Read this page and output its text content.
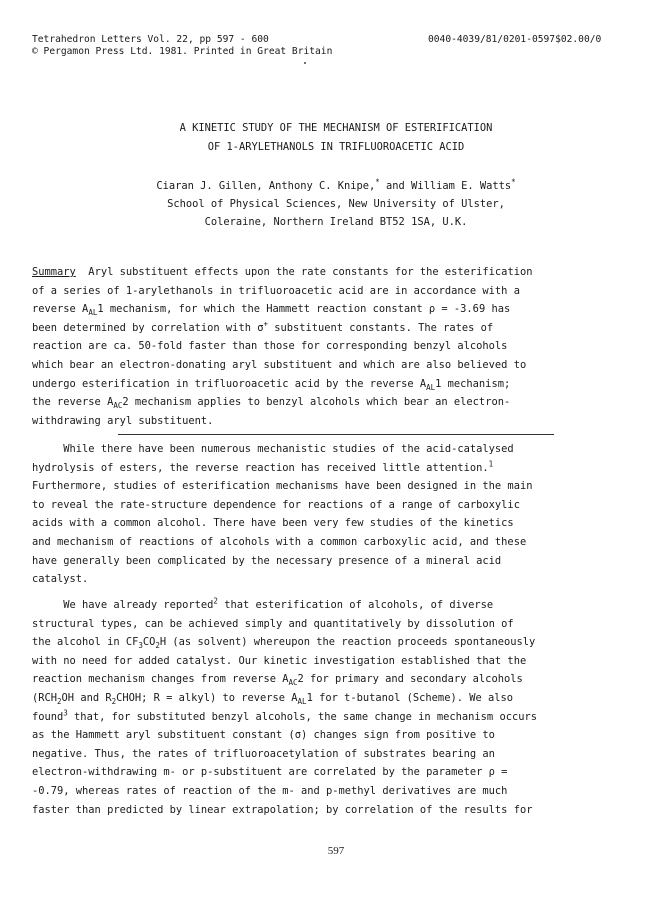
Tetrahedron Letters Vol. 22, pp 597 - 600
© Pergamon Press Ltd. 1981. Printed in Great Britain
0040-4039/81/0201-0597$02.00/0
A KINETIC STUDY OF THE MECHANISM OF ESTERIFICATION
OF 1-ARYLETHANOLS IN TRIFLUOROACETIC ACID
Ciaran J. Gillen, Anthony C. Knipe,* and William E. Watts*
School of Physical Sciences, New University of Ulster,
Coleraine, Northern Ireland BT52 1SA, U.K.
Summary  Aryl substituent effects upon the rate constants for the esterification
of a series of 1-arylethanols in trifluoroacetic acid are in accordance with a
reverse $A_{AL}1$ mechanism, for which the Hammett reaction constant ρ = -3.69 has
been determined by correlation with σ+ substituent constants. The rates of
reaction are ca. 50-fold faster than those for corresponding benzyl alcohols
which bear an electron-donating aryl substituent and which are also believed to
undergo esterification in trifluoroacetic acid by the reverse $A_{AL}1$ mechanism;
the reverse $A_{AC}2$ mechanism applies to benzyl alcohols which bear an electron-
withdrawing aryl substituent.
While there have been numerous mechanistic studies of the acid-catalysed
hydrolysis of esters, the reverse reaction has received little attention.$^1$
Furthermore, studies of esterification mechanisms have been designed in the main
to reveal the rate-structure dependence for reactions of a range of carboxylic
acids with a common alcohol. There have been very few studies of the kinetics
and mechanism of reactions of alcohols with a common carboxylic acid, and these
have generally been complicated by the necessary presence of a mineral acid
catalyst.
We have already reported$^2$ that esterification of alcohols, of diverse
structural types, can be achieved simply and quantitatively by dissolution of
the alcohol in $CF_3CO_2H$ (as solvent) whereupon the reaction proceeds spontaneously
with no need for added catalyst. Our kinetic investigation established that the
reaction mechanism changes from reverse $A_{AC}2$ for primary and secondary alcohols
($RCH_2OH$ and $R_2CHOH$; R = alkyl) to reverse $A_{AL}1$ for t-butanol (Scheme). We also
found$^3$ that, for substituted benzyl alcohols, the same change in mechanism occurs
as the Hammett aryl substituent constant (σ) changes sign from positive to
negative. Thus, the rates of trifluoroacetylation of substrates bearing an
electron-withdrawing m- or p-substituent are correlated by the parameter ρ =
-0.79, whereas rates of reaction of the m- and p-methyl derivatives are much
faster than predicted by linear extrapolation; by correlation of the results for
597
